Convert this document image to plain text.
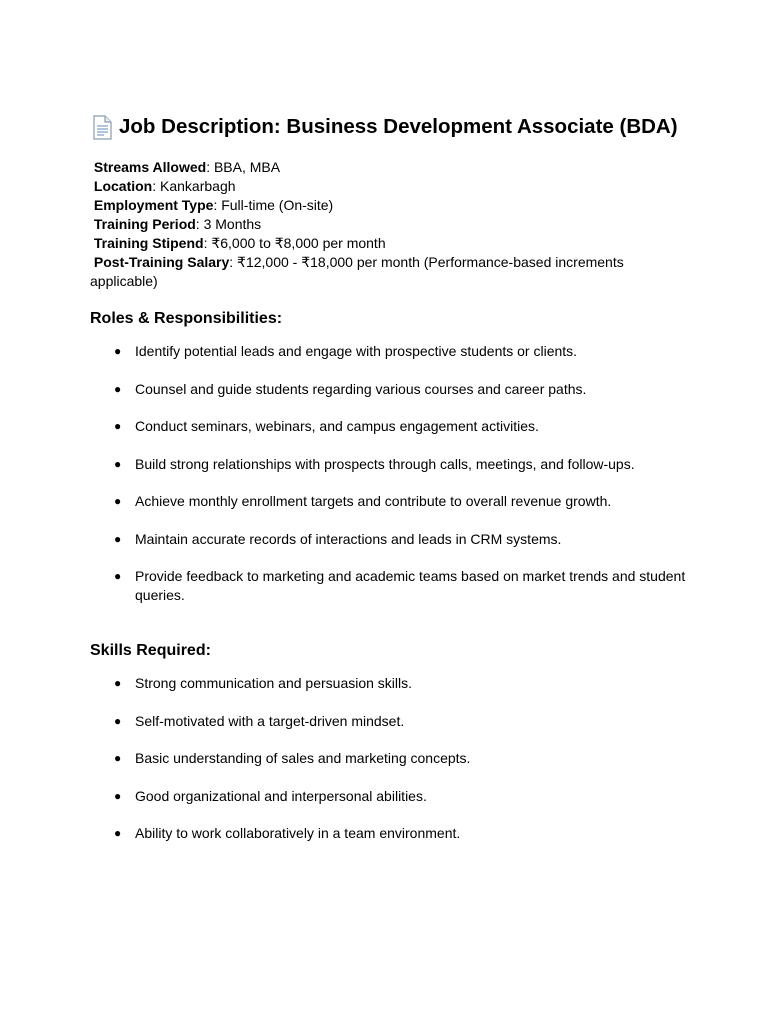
Job Description: Business Development Associate (BDA)
Streams Allowed: BBA, MBA
Location: Kankarbagh
Employment Type: Full-time (On-site)
Training Period: 3 Months
Training Stipend: ₹6,000 to ₹8,000 per month
Post-Training Salary: ₹12,000 - ₹18,000 per month (Performance-based increments applicable)
Roles & Responsibilities:
● Identify potential leads and engage with prospective students or clients.
● Counsel and guide students regarding various courses and career paths.
● Conduct seminars, webinars, and campus engagement activities.
● Build strong relationships with prospects through calls, meetings, and follow-ups.
● Achieve monthly enrollment targets and contribute to overall revenue growth.
● Maintain accurate records of interactions and leads in CRM systems.
● Provide feedback to marketing and academic teams based on market trends and student queries.
Skills Required:
● Strong communication and persuasion skills.
● Self-motivated with a target-driven mindset.
● Basic understanding of sales and marketing concepts.
● Good organizational and interpersonal abilities.
● Ability to work collaboratively in a team environment.
